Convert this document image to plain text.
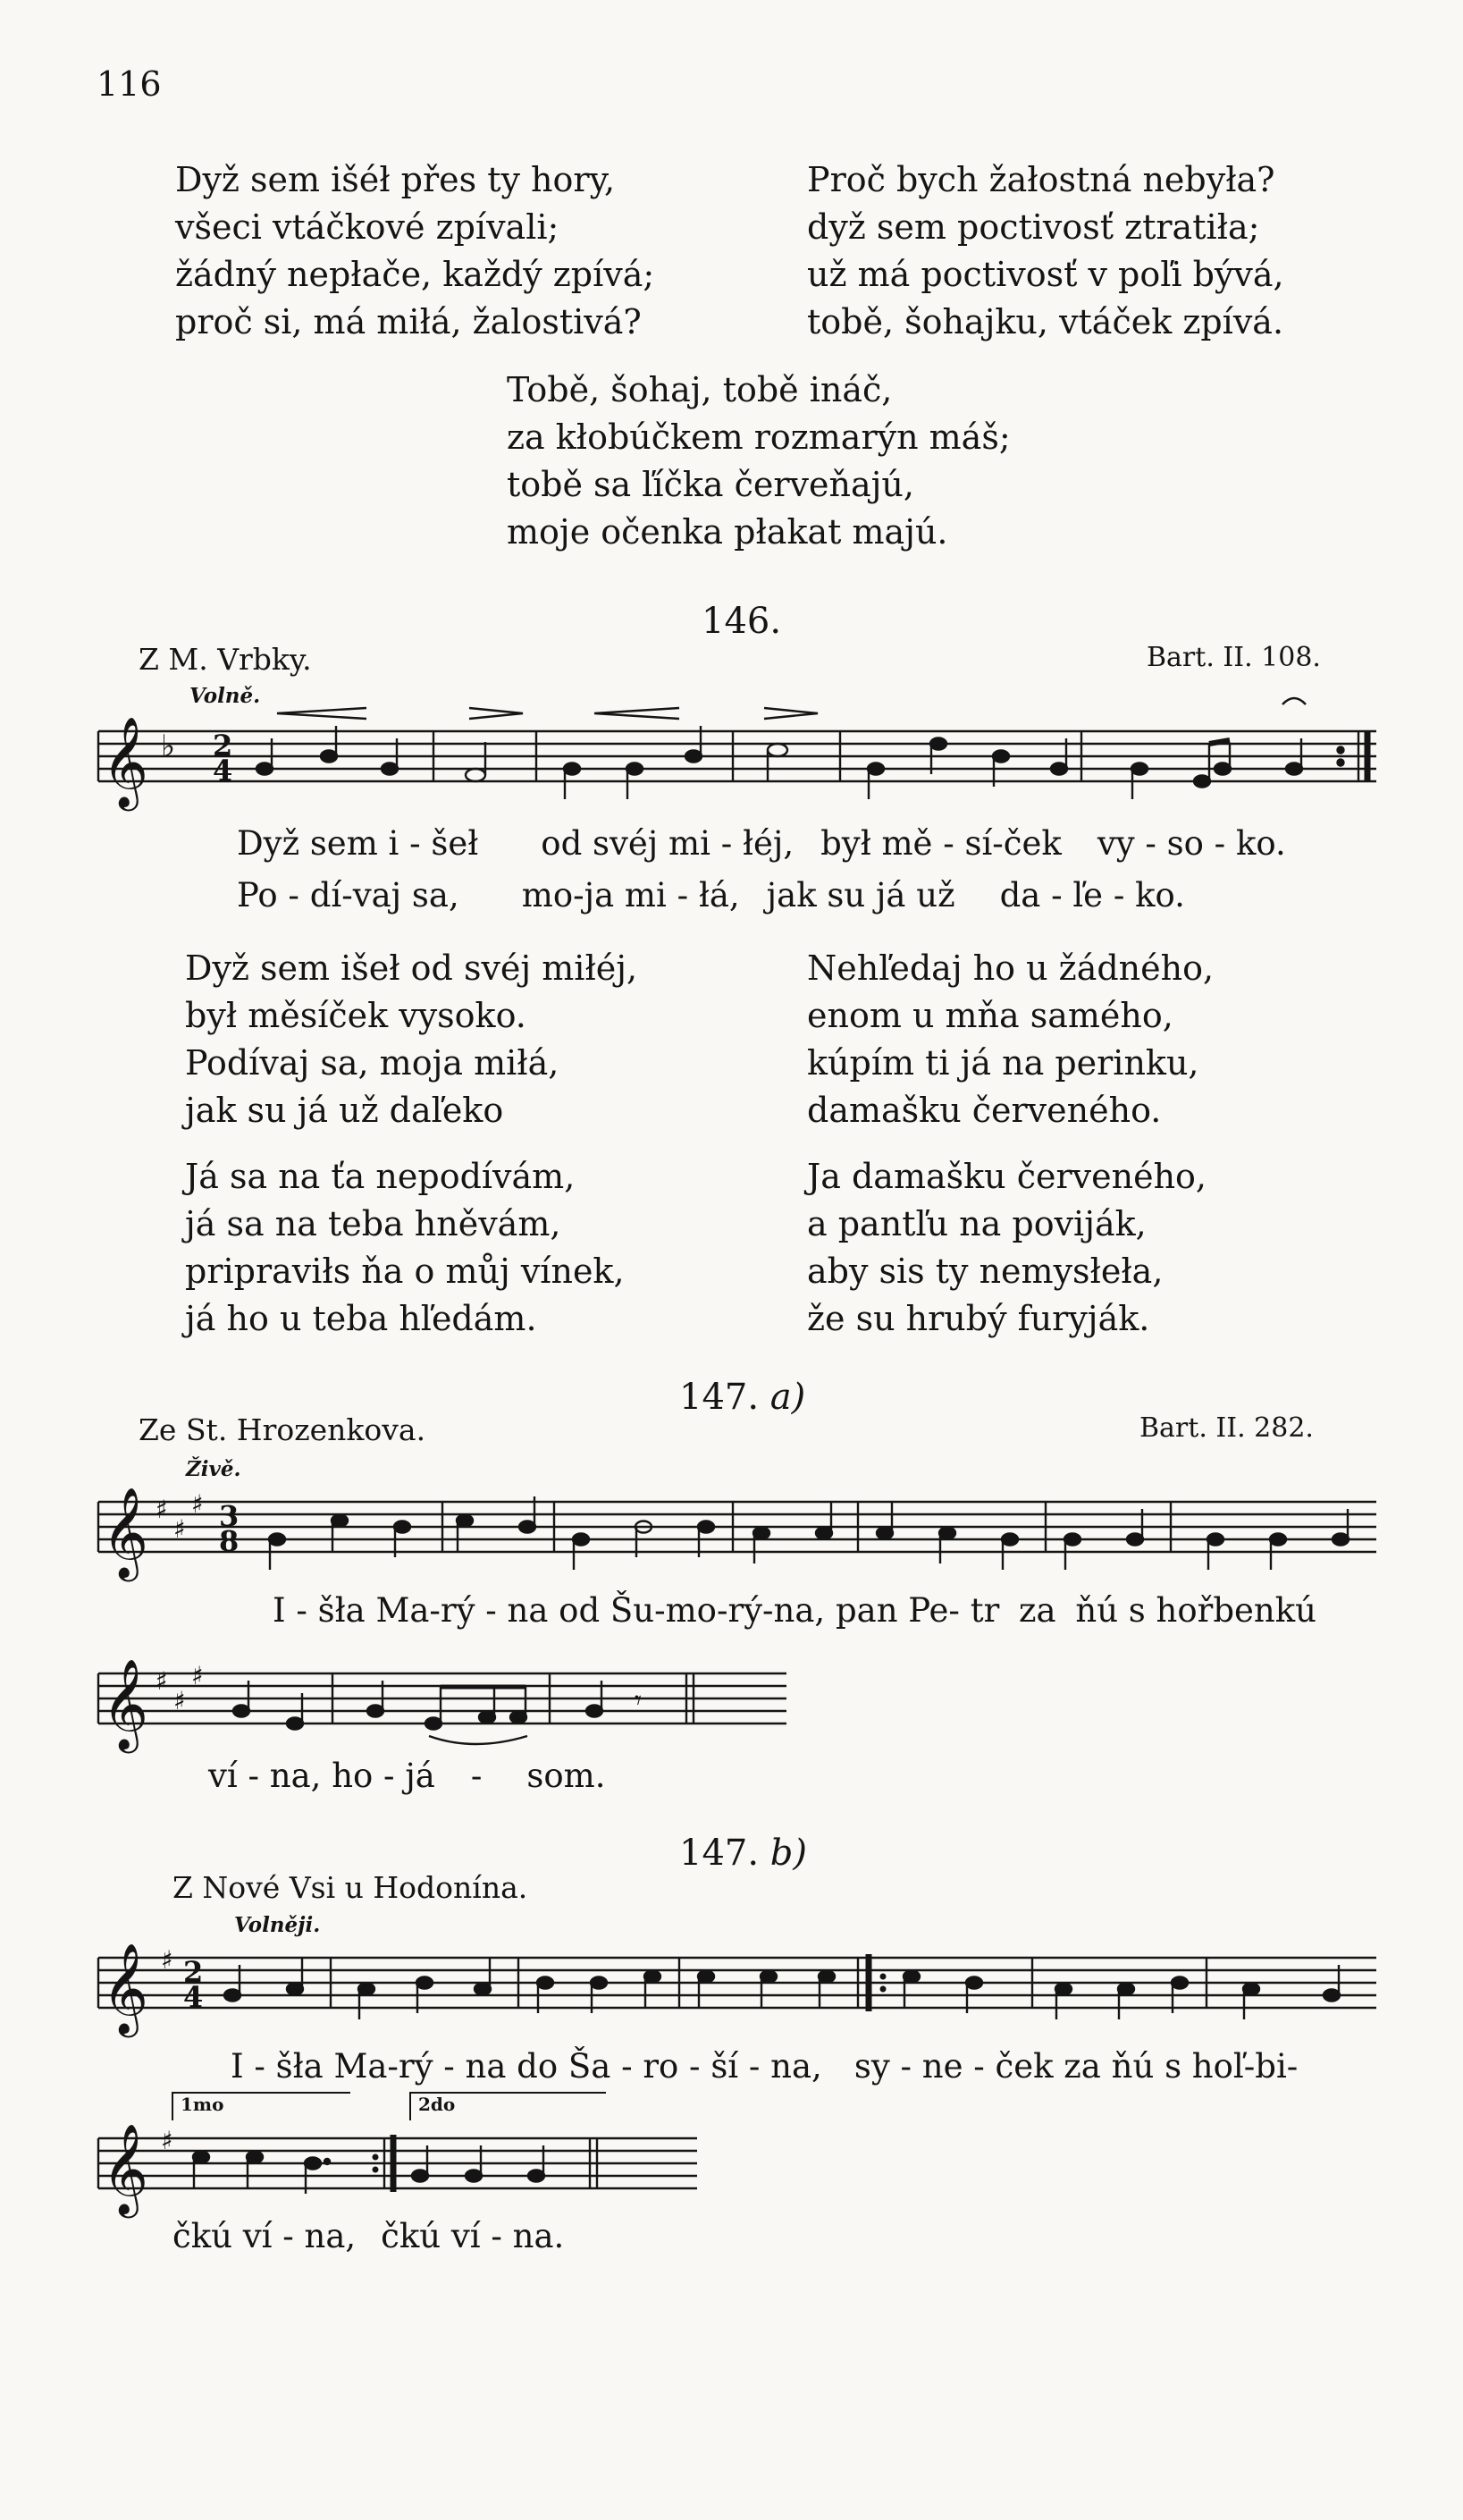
116
Dyž sem išéł přes ty hory,
všeci vtáčkové zpívali;
žádný nepłače, každý zpívá;
proč si, má miłá, žalostivá?
Proč bych žałostná nebyła?
dyž sem poctivosť ztratiła;
už má poctivosť v poľi bývá,
tobě, šohajku, vtáček zpívá.
Tobě, šohaj, tobě ináč,
za kłobúčkem rozmarýn máš;
tobě sa ľíčka červeňajú,
moje očenka płakat majú.
146.
Z M. Vrbky.	Bart. II. 108.
Volně.
𝄞 ♭ 2
4
Dyž sem i - šeł od svéj mi - łéj, był mě - sí-ček vy - so - ko.
Po - dí-vaj sa, mo-ja mi - łá, jak su já už da - ľe - ko.
Dyž sem išeł od svéj miłéj,
był měsíček vysoko.
Podívaj sa, moja miłá,
jak su já už daľeko
Já sa na ťa nepodívám,
já sa na teba hněvám,
pripraviłs ňa o můj vínek,
já ho u teba hľedám.
Nehľedaj ho u žádného,
enom u mňa samého,
kúpím ti já na perinku,
damašku červeného.
Ja damašku červeného,
a pantľu na poviják,
aby sis ty nemysłeła,
že su hrubý furyják.
147. a)
Ze St. Hrozenkova.	Bart. II. 282.
Živě.
𝄞 ♯
♯
♯ 3
8
I - šła Ma-rý - na od Šu-mo-rý-na, pan Pe- tr za ňú s hořbenkú
𝄞 ♯
♯
♯
𝄾
ví - na, ho - já - som.
147. b)
Z Nové Vsi u Hodonína.
Volněji.
𝄞 ♯ 2
4
I - šła Ma-rý - na do Ša - ro - ší - na, sy - ne - ček za ňú s hoľ-bi-
1mo	2do
𝄞 ♯
čkú ví - na, čkú ví - na.
